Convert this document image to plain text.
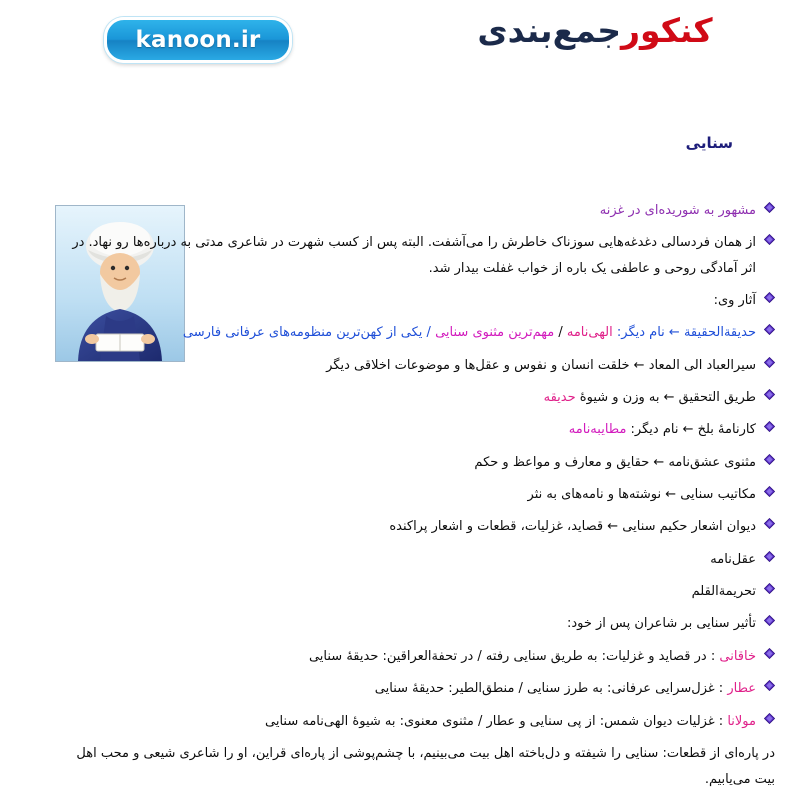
kanoon.ir	كنكورجمع‌بندى
سنایی
مشهور به شوریده‌ای در غزنه
از همان فردسالی دغدغه‌هایی سوزناک خاطرش را می‌آشفت. البته پس از کسب شهرت در شاعری مدتی به درباره‌ها رو نهاد. در اثر آمادگی روحی و عاطفی یک باره از خواب غفلت بیدار شد.
آثار وی:
حدیقة‌الحقیقة ← نام دیگر: الهی‌نامه / مهم‌ترین مثنوی سنایی / یکی از کهن‌ترین منظومه‌های عرفانی فارسی
سیرالعباد الی المعاد ← خلقت انسان و نفوس و عقل‌ها و موضوعات اخلاقی دیگر
طریق التحقیق ← به وزن و شیوهٔ حدیقه
کارنامهٔ بلخ ← نام دیگر: مطایبه‌نامه
مثنوی عشق‌نامه ← حقایق و معارف و مواعظ و حکم
مکاتیب سنایی ← نوشته‌ها و نامه‌های به نثر
دیوان اشعار حکیم سنایی ← قصاید، غزلیات، قطعات و اشعار پراکنده
عقل‌نامه
تحریمة‌القلم
تأثیر سنایی بر شاعران پس از خود:
خاقانی : در قصاید و غزلیات: به طریق سنایی رفته / در تحفةالعراقین: حدیقهٔ سنایی
عطار : غزل‌سرایی عرفانی: به طرز سنایی / منطق‌الطیر: حدیقهٔ سنایی
مولانا : غزلیات دیوان شمس: از پی سنایی و عطار / مثنوی معنوی: به شیوهٔ الهی‌نامه سنایی
در پاره‌ای از قطعات: سنایی را شیفته و دل‌باخته اهل بیت می‌بینیم، با چشم‌پوشی از پاره‌ای قراین، او را شاعری شیعی و محب اهل بیت می‌یابیم.
